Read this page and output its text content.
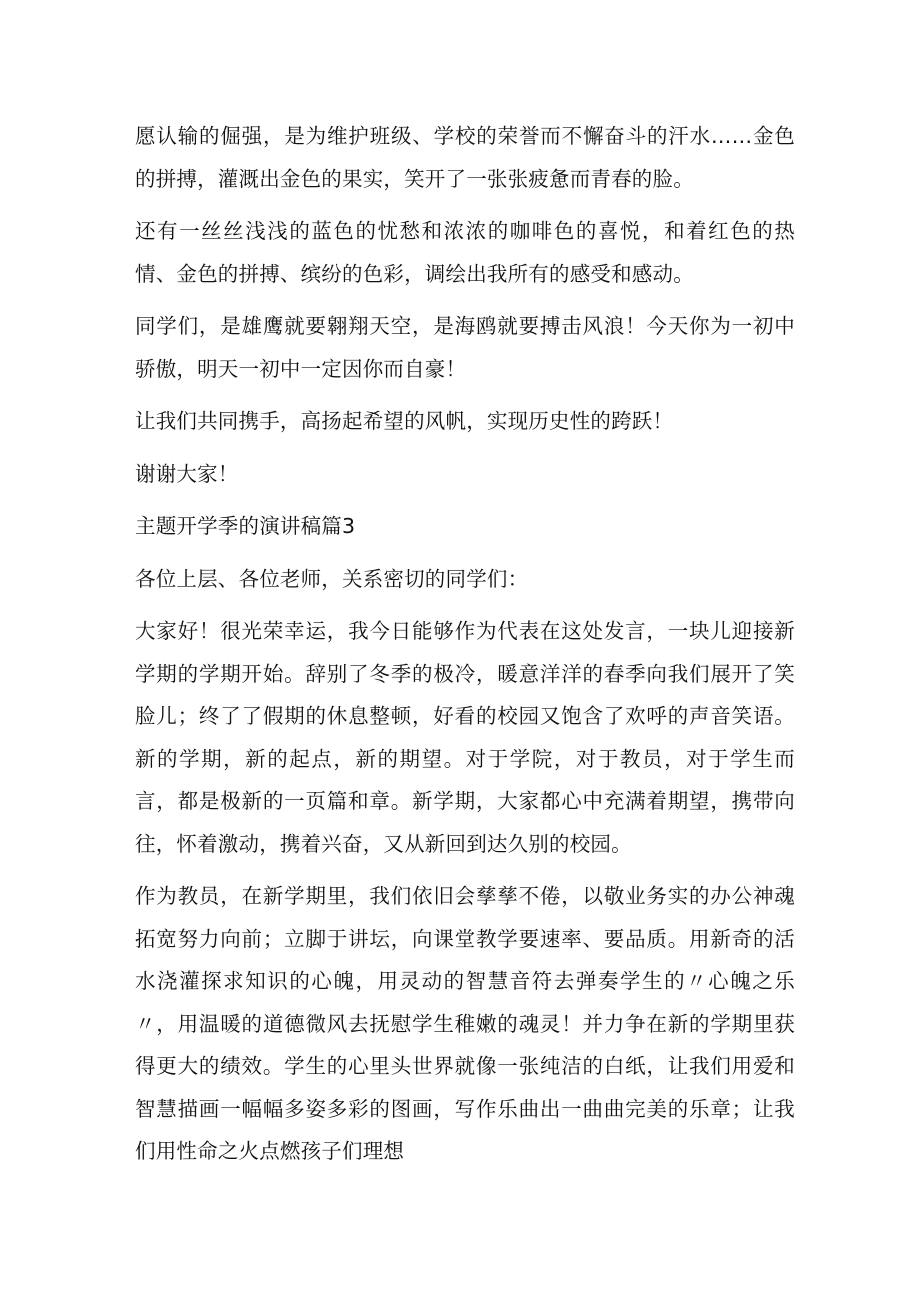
愿认输的倔强，是为维护班级、学校的荣誉而不懈奋斗的汗水……金色的拼搏，灌溉出金色的果实，笑开了一张张疲惫而青春的脸。

还有一丝丝浅浅的蓝色的忧愁和浓浓的咖啡色的喜悦，和着红色的热情、金色的拼搏、缤纷的色彩，调绘出我所有的感受和感动。

同学们，是雄鹰就要翱翔天空，是海鸥就要搏击风浪！今天你为一初中骄傲，明天一初中一定因你而自豪！

让我们共同携手，高扬起希望的风帆，实现历史性的跨跃！

谢谢大家！

主题开学季的演讲稿篇3

各位上层、各位老师，关系密切的同学们：

大家好！很光荣幸运，我今日能够作为代表在这处发言，一块儿迎接新学期的学期开始。辞别了冬季的极冷，暖意洋洋的春季向我们展开了笑脸儿；终了了假期的休息整顿，好看的校园又饱含了欢呼的声音笑语。新的学期，新的起点，新的期望。对于学院，对于教员，对于学生而言，都是极新的一页篇和章。新学期，大家都心中充满着期望，携带向往，怀着激动，携着兴奋，又从新回到达久别的校园。

作为教员，在新学期里，我们依旧会孳孳不倦，以敬业务实的办公神魂拓宽努力向前；立脚于讲坛，向课堂教学要速率、要品质。用新奇的活水浇灌探求知识的心魄，用灵动的智慧音符去弹奏学生的〃心魄之乐〃，用温暖的道德微风去抚慰学生稚嫩的魂灵！并力争在新的学期里获得更大的绩效。学生的心里头世界就像一张纯洁的白纸，让我们用爱和智慧描画一幅幅多姿多彩的图画，写作乐曲出一曲曲完美的乐章；让我们用性命之火点燃孩子们理想
